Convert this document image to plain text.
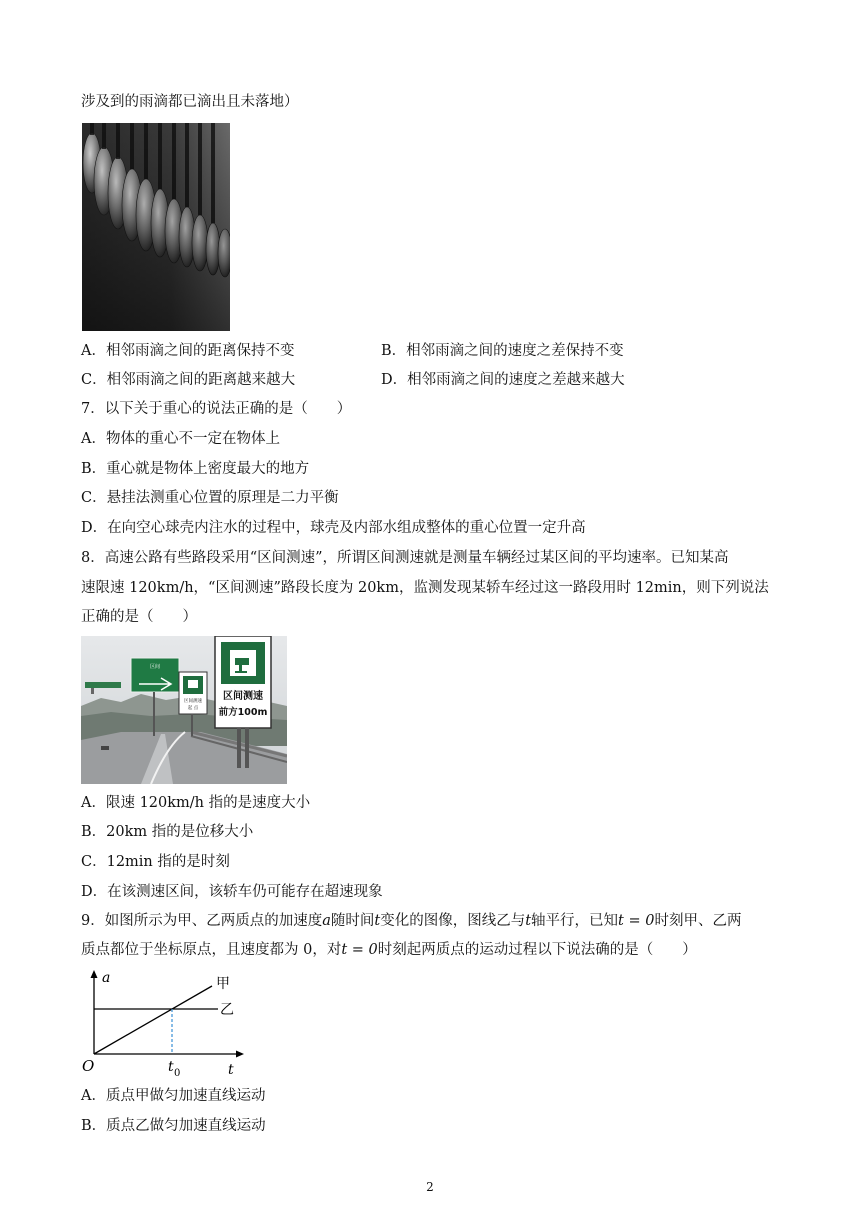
涉及到的雨滴都已滴出且未落地）
A．相邻雨滴之间的距离保持不变	B．相邻雨滴之间的速度之差保持不变
C．相邻雨滴之间的距离越来越大	D．相邻雨滴之间的速度之差越来越大
7．以下关于重心的说法正确的是（　　）
A．物体的重心不一定在物体上
B．重心就是物体上密度最大的地方
C．悬挂法测重心位置的原理是二力平衡
D．在向空心球壳内注水的过程中，球壳及内部水组成整体的重心位置一定升高
8．高速公路有些路段采用“区间测速”，所谓区间测速就是测量车辆经过某区间的平均速率。已知某高
速限速 120km/h，“区间测速”路段长度为 20km，监测发现某轿车经过这一路段用时 12min，则下列说法
正确的是（　　）
区间
区间测速
起 点
区间测速
前方100m
A．限速 120km/h 指的是速度大小
B．20km 指的是位移大小
C．12min 指的是时刻
D．在该测速区间，该轿车仍可能存在超速现象
9．如图所示为甲、乙两质点的加速度a随时间t变化的图像，图线乙与t轴平行，已知t = 0时刻甲、乙两
质点都位于坐标原点，且速度都为 0，对t = 0时刻起两质点的运动过程以下说法确的是（　　）
a
t
O
甲
乙
t 0
A．质点甲做匀加速直线运动
B．质点乙做匀加速直线运动
2
